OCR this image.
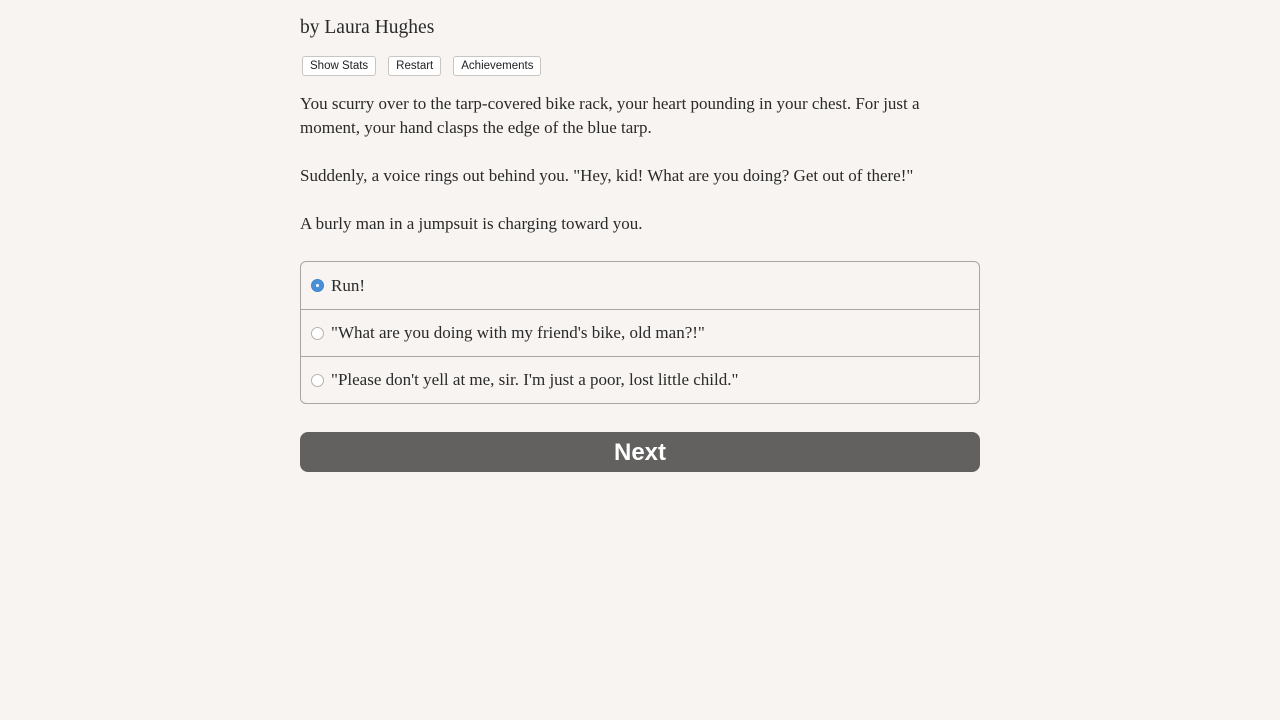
by Laura Hughes
Show Stats	Restart	Achievements

You scurry over to the tarp-covered bike rack, your heart pounding in your chest. For just a moment, your hand clasps the edge of the blue tarp.

Suddenly, a voice rings out behind you. "Hey, kid! What are you doing? Get out of there!"

A burly man in a jumpsuit is charging toward you.

Run!
"What are you doing with my friend's bike, old man?!"
"Please don't yell at me, sir. I'm just a poor, lost little child."
Next
